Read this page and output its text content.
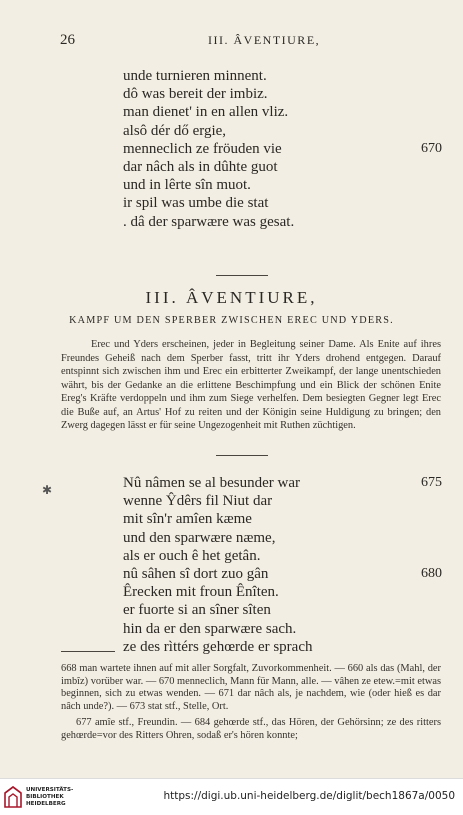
26	III. ÂVENTIURE,
unde turnieren minnent.
dô was bereit der imbiz.
man dienet' in en allen vliz.
alsô dér dő ergie,
menneclich ze fröuden vie	670
dar nâch als in dûhte guot
und in lêrte sîn muot.
ir spil was umbe die stat
. dâ der sparwære was gesat.
III. ÂVENTIURE,
KAMPF UM DEN SPERBER ZWISCHEN EREC UND YDERS.
Erec und Yders erscheinen, jeder in Begleitung seiner Dame. Als Enite auf ihres Freundes Geheiß nach dem Sperber fasst, tritt ihr Yders drohend entgegen. Darauf entspinnt sich zwischen ihm und Erec ein erbitterter Zweikampf, der lange unentschieden währt, bis der Gedanke an die erlittene Beschimpfung und ein Blick der schönen Enite Ereg's Kräfte verdoppeln und ihm zum Siege verhelfen. Dem besiegten Gegner legt Erec die Buße auf, an Artus' Hof zu reiten und der Königin seine Huldigung zu bringen; den Zwerg dagegen lässt er für seine Ungezogenheit mit Ruthen züchtigen.
✱	Nû nâmen se al besunder war	675
wenne Ŷdêrs fil Niut dar
mit sîn'r amîen kæme
und den sparwære næme,
als er ouch ê het getân.
nû sâhen sî dort zuo gân	680
Êrecken mit froun Ênîten.
er fuorte si an sîner sîten
hin da er den sparwære sach.
ze des rìttérs gehœrde er sprach

668 man wartete ihnen auf mit aller Sorgfalt, Zuvorkommenheit. — 660 als das (Mahl, der imbîz) vorüber war. — 670 menneclich, Mann für Mann, alle. — vâhen ze etew.=mit etwas beginnen, sich zu etwas wenden. — 671 dar nâch als, je nachdem, wie (oder hieß es dar nâch unde?). — 673 stat stf., Stelle, Ort.

677 amîe stf., Freundin. — 684 gehœrde stf., das Hören, der Gehörsinn; ze des ritters gehœrde=vor des Ritters Ohren, sodaß er's hören konnte;

UNIVERSITÄTS-
BIBLIOTHEK
HEIDELBERG
https://digi.ub.uni-heidelberg.de/diglit/bech1867a/0050
